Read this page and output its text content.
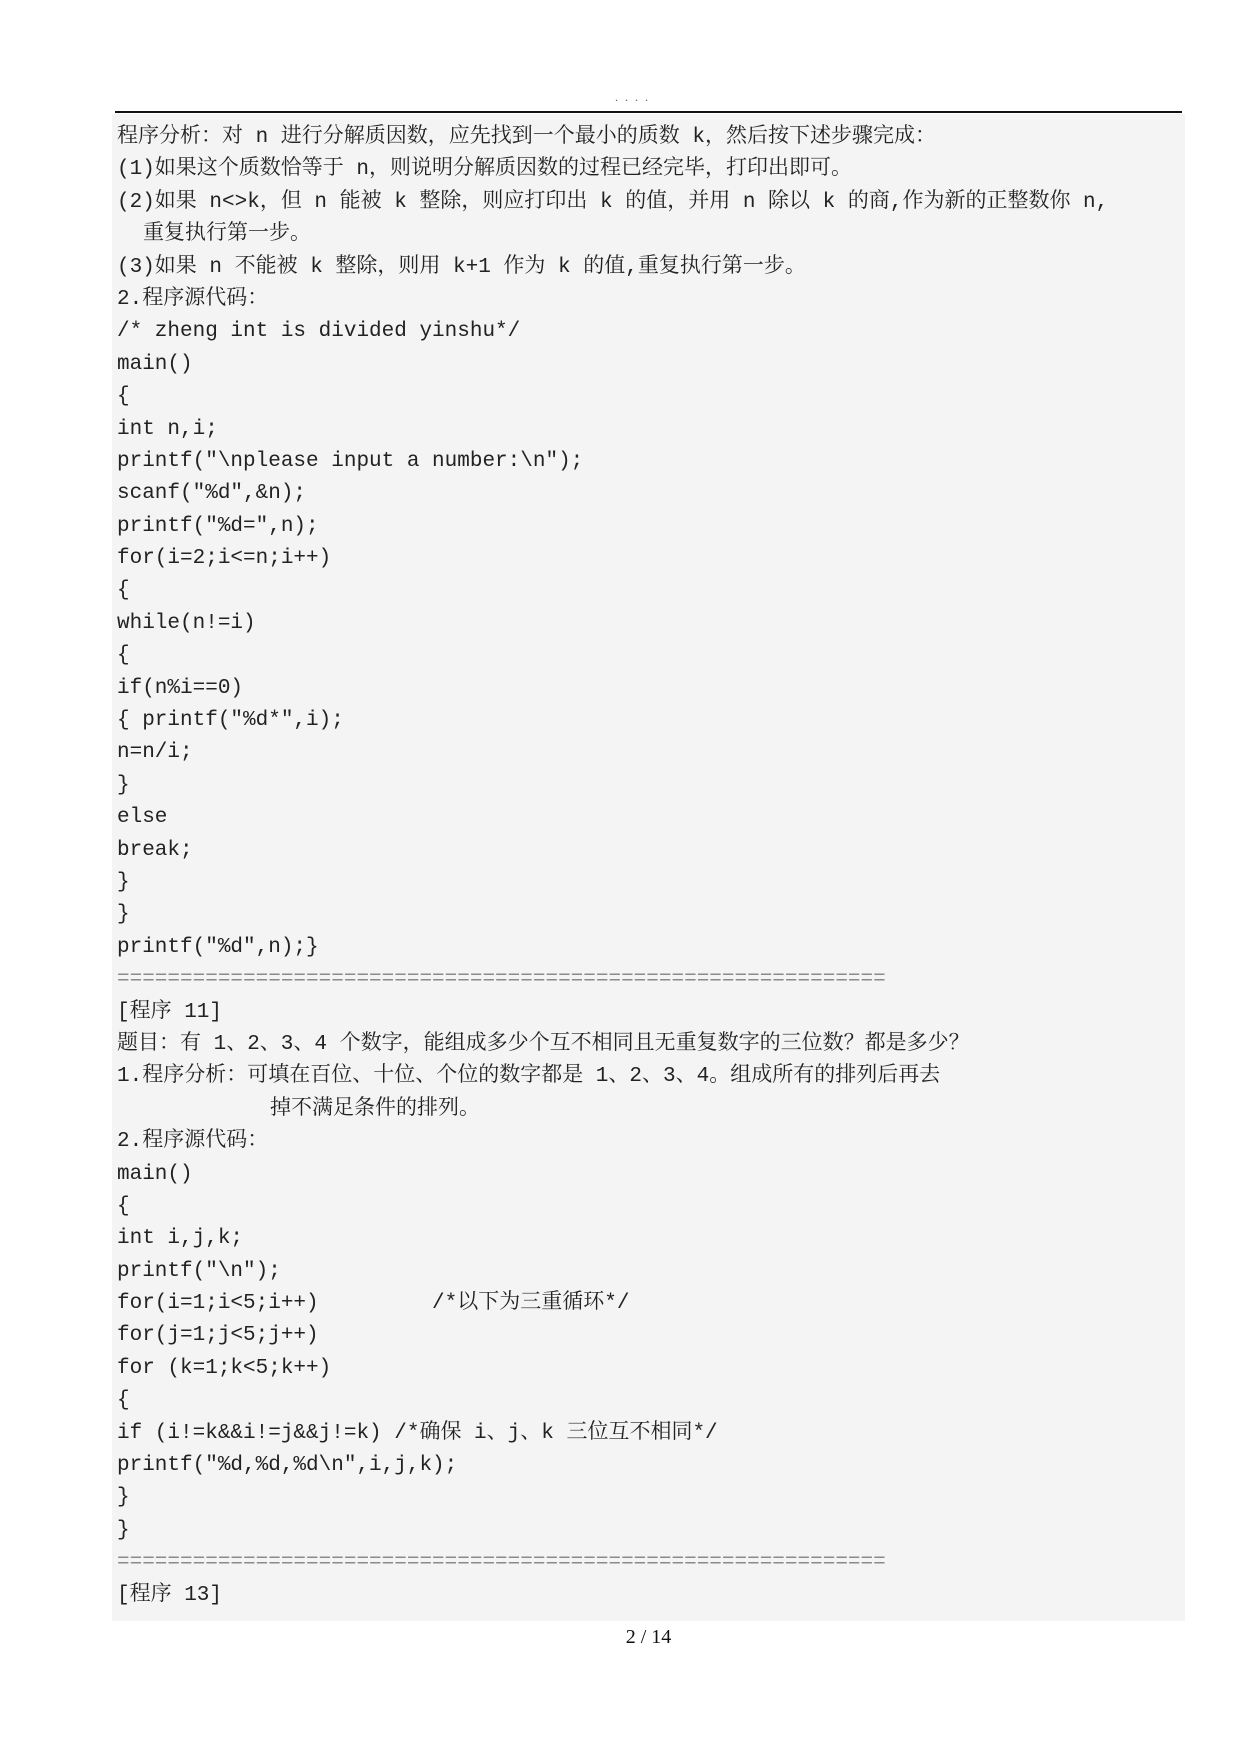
. . . .
程序分析：对 n 进行分解质因数，应先找到一个最小的质数 k，然后按下述步骤完成：
(1)如果这个质数恰等于 n，则说明分解质因数的过程已经完毕，打印出即可。
(2)如果 n<>k，但 n 能被 k 整除，则应打印出 k 的值，并用 n 除以 k 的商,作为新的正整数你 n,
重复执行第一步。
(3)如果 n 不能被 k 整除，则用 k+1 作为 k 的值,重复执行第一步。
2.程序源代码：
/* zheng int is divided yinshu*/
main()
{
int n,i;
printf("\nplease input a number:\n");
scanf("%d",&n);
printf("%d=",n);
for(i=2;i<=n;i++)
{
while(n!=i)
{
if(n%i==0)
{ printf("%d*",i);
n=n/i;
}
else
break;
}
}
printf("%d",n);}
=============================================================
[程序 11]
题目：有 1、2、3、4 个数字，能组成多少个互不相同且无重复数字的三位数？都是多少？
1.程序分析：可填在百位、十位、个位的数字都是 1、2、3、4。组成所有的排列后再去
掉不满足条件的排列。
2.程序源代码：
main()
{
int i,j,k;
printf("\n");
for(i=1;i<5;i++)         /*以下为三重循环*/
for(j=1;j<5;j++)
for (k=1;k<5;k++)
{
if (i!=k&&i!=j&&j!=k) /*确保 i、j、k 三位互不相同*/
printf("%d,%d,%d\n",i,j,k);
}
}
=============================================================
[程序 13]
2 / 14
